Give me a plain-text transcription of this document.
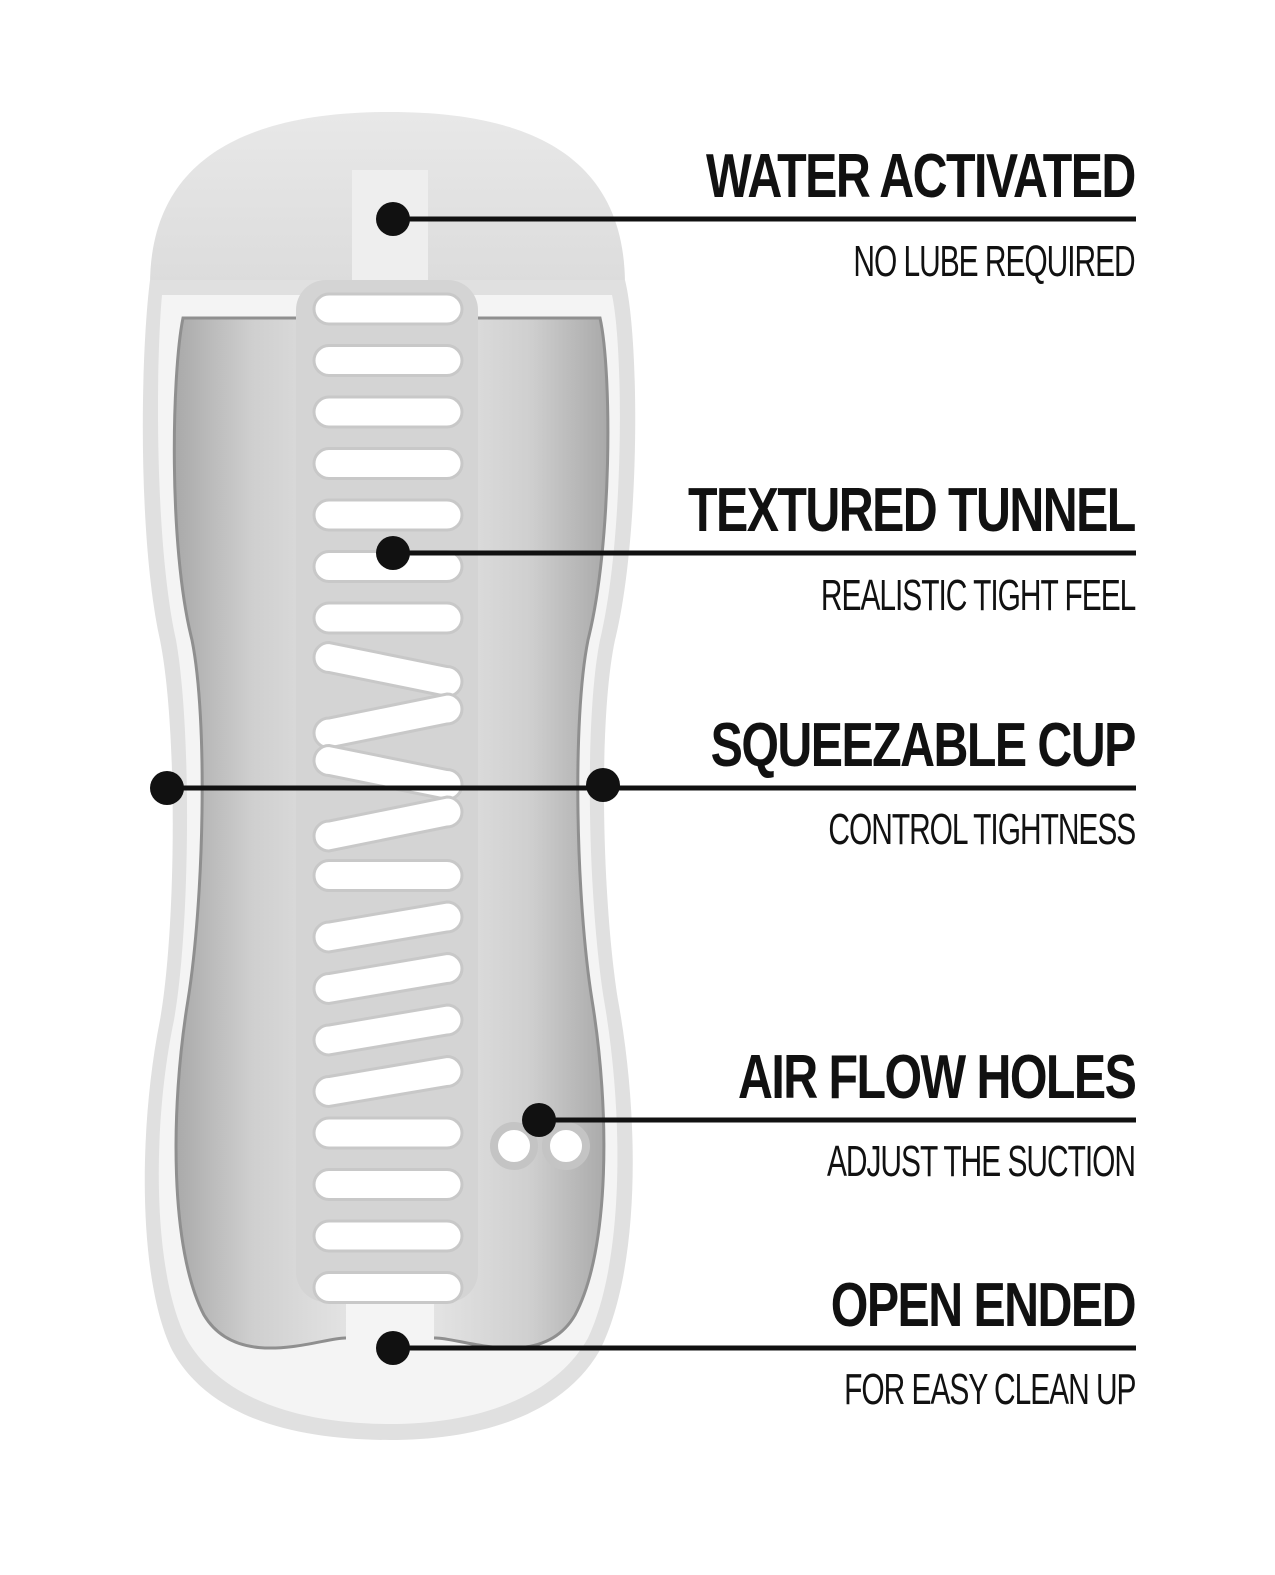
WATER ACTIVATED
NO LUBE REQUIRED
TEXTURED TUNNEL
REALISTIC TIGHT FEEL
SQUEEZABLE CUP
CONTROL TIGHTNESS
AIR FLOW HOLES
ADJUST THE SUCTION
OPEN ENDED
FOR EASY CLEAN UP
